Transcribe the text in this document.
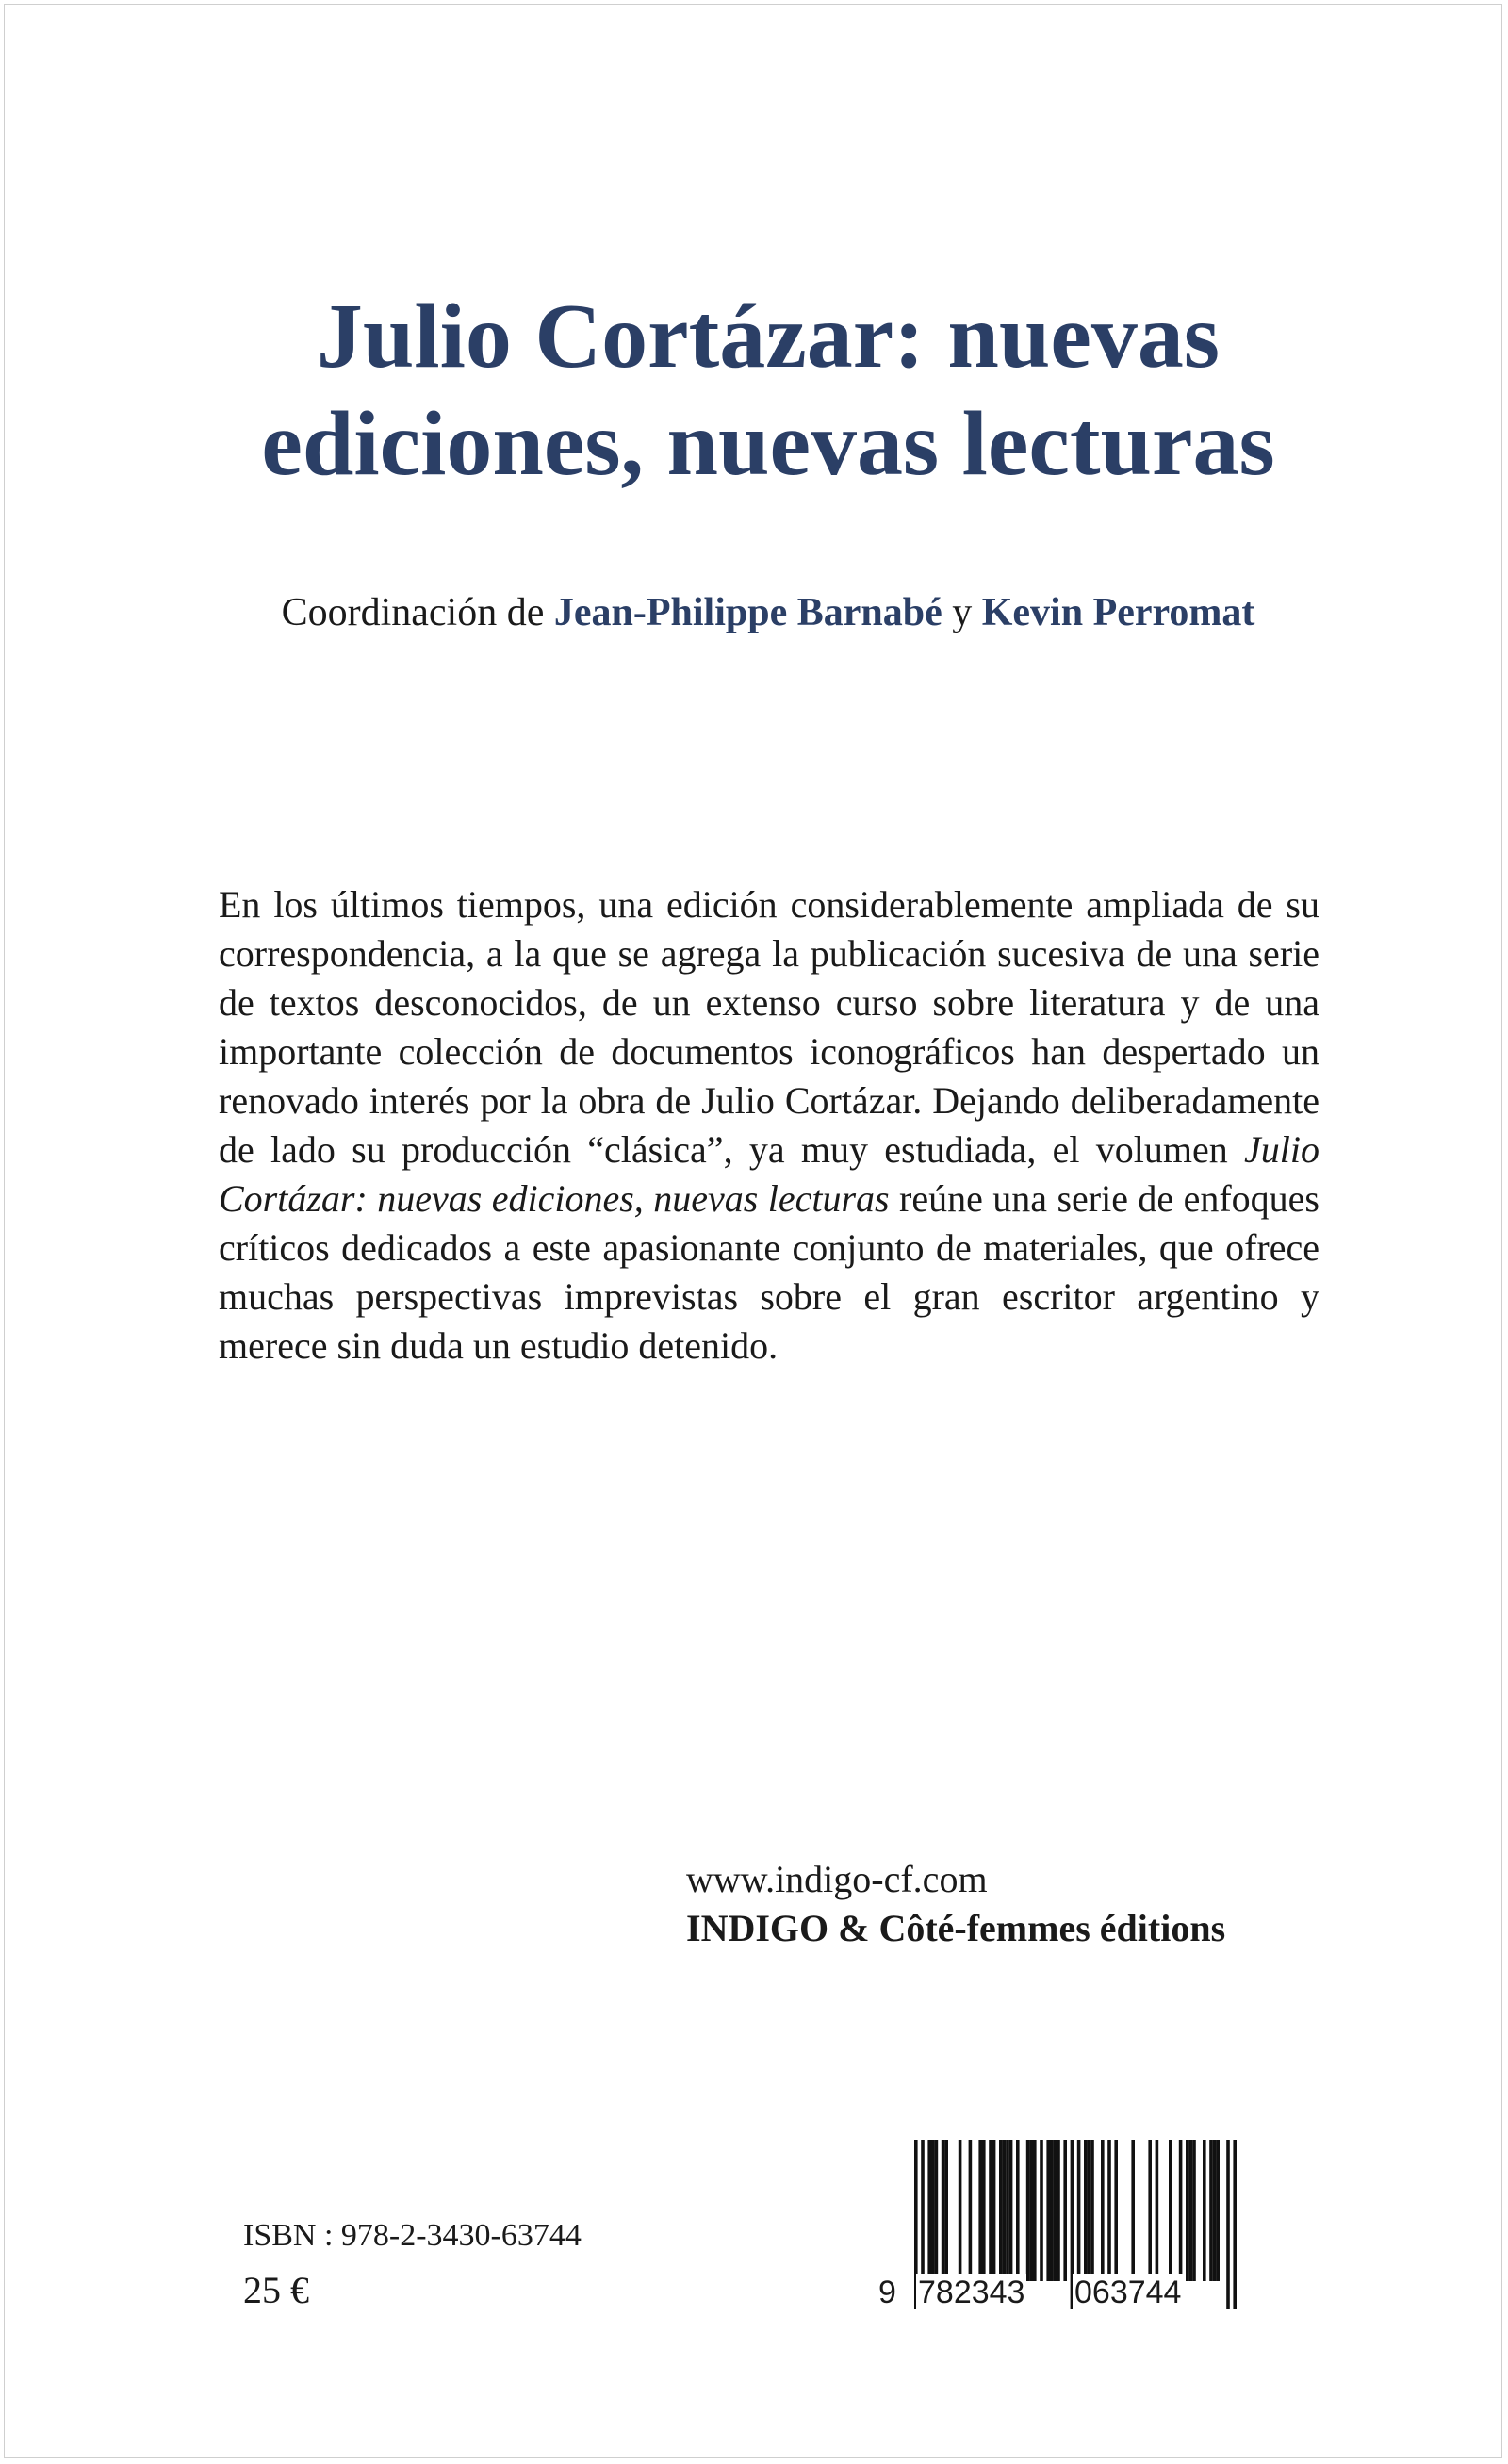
Julio Cortázar: nuevas
ediciones, nuevas lecturas
Coordinación de Jean-Philippe Barnabé y Kevin Perromat
En los últimos tiempos, una edición considerablemente ampliada de su correspondencia, a la que se agrega la publicación sucesiva de una serie de textos desconocidos, de un extenso curso sobre literatura y de una importante colección de documentos iconográficos han despertado un renovado interés por la obra de Julio Cortázar. Dejando deliberadamente de lado su producción “clásica”, ya muy estudiada, el volumen Julio Cortázar: nuevas ediciones, nuevas lecturas reúne una serie de enfoques críticos dedicados a este apasionante conjunto de materiales, que ofrece muchas perspectivas imprevistas sobre el gran escritor argentino y merece sin duda un estudio detenido.
www.indigo-cf.com
INDIGO & Côté-femmes éditions
ISBN : 978-2-3430-63744
25 €	9 782343 063744
